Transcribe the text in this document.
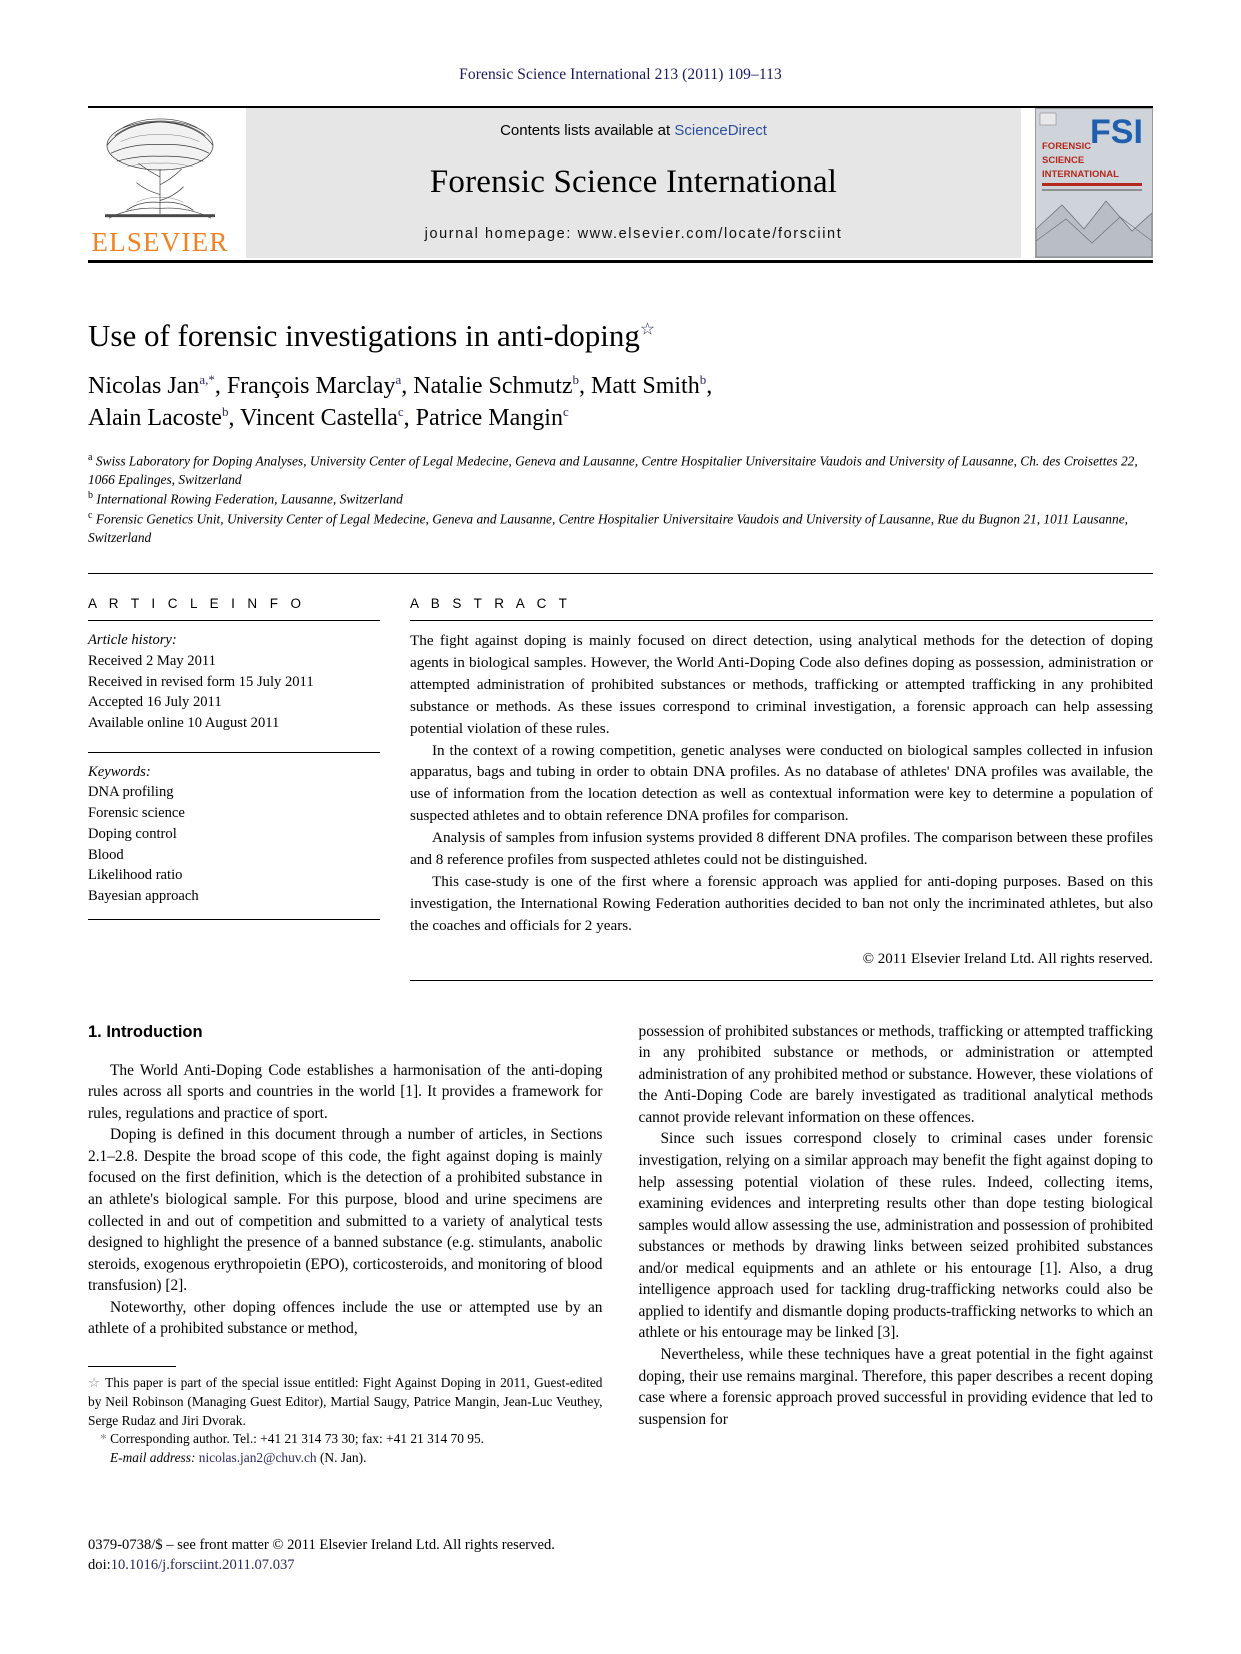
Forensic Science International 213 (2011) 109–113
ELSEVIER
Contents lists available at ScienceDirect
Forensic Science International
journal homepage: www.elsevier.com/locate/forsciint
FSI
FORENSIC
SCIENCE
INTERNATIONAL
Use of forensic investigations in anti-doping☆
Nicolas Jan$^{a,*}$, François Marclay$^a$, Natalie Schmutz$^b$, Matt Smith$^b$,
Alain Lacoste$^b$, Vincent Castella$^c$, Patrice Mangin$^c$
$^a$ Swiss Laboratory for Doping Analyses, University Center of Legal Medecine, Geneva and Lausanne, Centre Hospitalier Universitaire Vaudois and University of Lausanne, Ch. des Croisettes 22, 1066 Epalinges, Switzerland
$^b$ International Rowing Federation, Lausanne, Switzerland
$^c$ Forensic Genetics Unit, University Center of Legal Medecine, Geneva and Lausanne, Centre Hospitalier Universitaire Vaudois and University of Lausanne, Rue du Bugnon 21, 1011 Lausanne, Switzerland
A R T I C L E I N F O
Article history:
Received 2 May 2011
Received in revised form 15 July 2011
Accepted 16 July 2011
Available online 10 August 2011
Keywords:
DNA profiling
Forensic science
Doping control
Blood
Likelihood ratio
Bayesian approach
A B S T R A C T

The fight against doping is mainly focused on direct detection, using analytical methods for the detection of doping agents in biological samples. However, the World Anti-Doping Code also defines doping as possession, administration or attempted administration of prohibited substances or methods, trafficking or attempted trafficking in any prohibited substance or methods. As these issues correspond to criminal investigation, a forensic approach can help assessing potential violation of these rules.

In the context of a rowing competition, genetic analyses were conducted on biological samples collected in infusion apparatus, bags and tubing in order to obtain DNA profiles. As no database of athletes' DNA profiles was available, the use of information from the location detection as well as contextual information were key to determine a population of suspected athletes and to obtain reference DNA profiles for comparison.

Analysis of samples from infusion systems provided 8 different DNA profiles. The comparison between these profiles and 8 reference profiles from suspected athletes could not be distinguished.

This case-study is one of the first where a forensic approach was applied for anti-doping purposes. Based on this investigation, the International Rowing Federation authorities decided to ban not only the incriminated athletes, but also the coaches and officials for 2 years.

© 2011 Elsevier Ireland Ltd. All rights reserved.
1. Introduction

The World Anti-Doping Code establishes a harmonisation of the anti-doping rules across all sports and countries in the world [1]. It provides a framework for rules, regulations and practice of sport.

Doping is defined in this document through a number of articles, in Sections 2.1–2.8. Despite the broad scope of this code, the fight against doping is mainly focused on the first definition, which is the detection of a prohibited substance in an athlete's biological sample. For this purpose, blood and urine specimens are collected in and out of competition and submitted to a variety of analytical tests designed to highlight the presence of a banned substance (e.g. stimulants, anabolic steroids, exogenous erythropoietin (EPO), corticosteroids, and monitoring of blood transfusion) [2].

Noteworthy, other doping offences include the use or attempted use by an athlete of a prohibited substance or method,

☆ This paper is part of the special issue entitled: Fight Against Doping in 2011, Guest-edited by Neil Robinson (Managing Guest Editor), Martial Saugy, Patrice Mangin, Jean-Luc Veuthey, Serge Rudaz and Jiri Dvorak.

* Corresponding author. Tel.: +41 21 314 73 30; fax: +41 21 314 70 95.

E-mail address: nicolas.jan2@chuv.ch (N. Jan).

possession of prohibited substances or methods, trafficking or attempted trafficking in any prohibited substance or methods, or administration or attempted administration of any prohibited method or substance. However, these violations of the Anti-Doping Code are barely investigated as traditional analytical methods cannot provide relevant information on these offences.

Since such issues correspond closely to criminal cases under forensic investigation, relying on a similar approach may benefit the fight against doping to help assessing potential violation of these rules. Indeed, collecting items, examining evidences and interpreting results other than dope testing biological samples would allow assessing the use, administration and possession of prohibited substances or methods by drawing links between seized prohibited substances and/or medical equipments and an athlete or his entourage [1]. Also, a drug intelligence approach used for tackling drug-trafficking networks could also be applied to identify and dismantle doping products-trafficking networks to which an athlete or his entourage may be linked [3].

Nevertheless, while these techniques have a great potential in the fight against doping, their use remains marginal. Therefore, this paper describes a recent doping case where a forensic approach proved successful in providing evidence that led to suspension for

0379-0738/$ – see front matter © 2011 Elsevier Ireland Ltd. All rights reserved.
doi:10.1016/j.forsciint.2011.07.037
